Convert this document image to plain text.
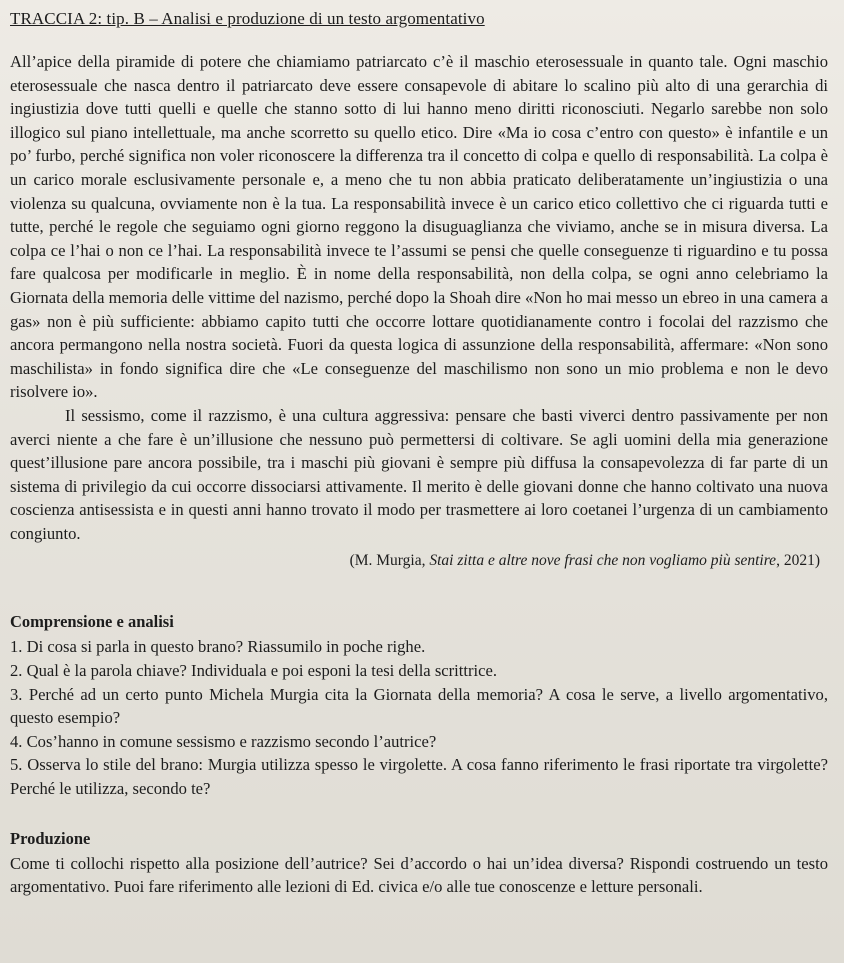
TRACCIA 2: tip. B – Analisi e produzione di un testo argomentativo

All’apice della piramide di potere che chiamiamo patriarcato c’è il maschio eterosessuale in quanto tale. Ogni maschio eterosessuale che nasca dentro il patriarcato deve essere consapevole di abitare lo scalino più alto di una gerarchia di ingiustizia dove tutti quelli e quelle che stanno sotto di lui hanno meno diritti riconosciuti. Negarlo sarebbe non solo illogico sul piano intellettuale, ma anche scorretto su quello etico. Dire «Ma io cosa c’entro con questo» è infantile e un po’ furbo, perché significa non voler riconoscere la differenza tra il concetto di colpa e quello di responsabilità. La colpa è un carico morale esclusivamente personale e, a meno che tu non abbia praticato deliberatamente un’ingiustizia o una violenza su qualcuna, ovviamente non è la tua. La responsabilità invece è un carico etico collettivo che ci riguarda tutti e tutte, perché le regole che seguiamo ogni giorno reggono la disuguaglianza che viviamo, anche se in misura diversa. La colpa ce l’hai o non ce l’hai. La responsabilità invece te l’assumi se pensi che quelle conseguenze ti riguardino e tu possa fare qualcosa per modificarle in meglio. È in nome della responsabilità, non della colpa, se ogni anno celebriamo la Giornata della memoria delle vittime del nazismo, perché dopo la Shoah dire «Non ho mai messo un ebreo in una camera a gas» non è più sufficiente: abbiamo capito tutti che occorre lottare quotidianamente contro i focolai del razzismo che ancora permangono nella nostra società. Fuori da questa logica di assunzione della responsabilità, affermare: «Non sono maschilista» in fondo significa dire che «Le conseguenze del maschilismo non sono un mio problema e non le devo risolvere io».

Il sessismo, come il razzismo, è una cultura aggressiva: pensare che basti viverci dentro passivamente per non averci niente a che fare è un’illusione che nessuno può permettersi di coltivare. Se agli uomini della mia generazione quest’illusione pare ancora possibile, tra i maschi più giovani è sempre più diffusa la consapevolezza di far parte di un sistema di privilegio da cui occorre dissociarsi attivamente. Il merito è delle giovani donne che hanno coltivato una nuova coscienza antisessista e in questi anni hanno trovato il modo per trasmettere ai loro coetanei l’urgenza di un cambiamento congiunto.

(M. Murgia, Stai zitta e altre nove frasi che non vogliamo più sentire, 2021)
Comprensione e analisi

1. Di cosa si parla in questo brano? Riassumilo in poche righe.

2. Qual è la parola chiave? Individuala e poi esponi la tesi della scrittrice.

3. Perché ad un certo punto Michela Murgia cita la Giornata della memoria? A cosa le serve, a livello argomentativo, questo esempio?

4. Cos’hanno in comune sessismo e razzismo secondo l’autrice?

5. Osserva lo stile del brano: Murgia utilizza spesso le virgolette. A cosa fanno riferimento le frasi riportate tra virgolette? Perché le utilizza, secondo te?

Produzione

Come ti collochi rispetto alla posizione dell’autrice? Sei d’accordo o hai un’idea diversa? Rispondi costruendo un testo argomentativo. Puoi fare riferimento alle lezioni di Ed. civica e/o alle tue conoscenze e letture personali.
